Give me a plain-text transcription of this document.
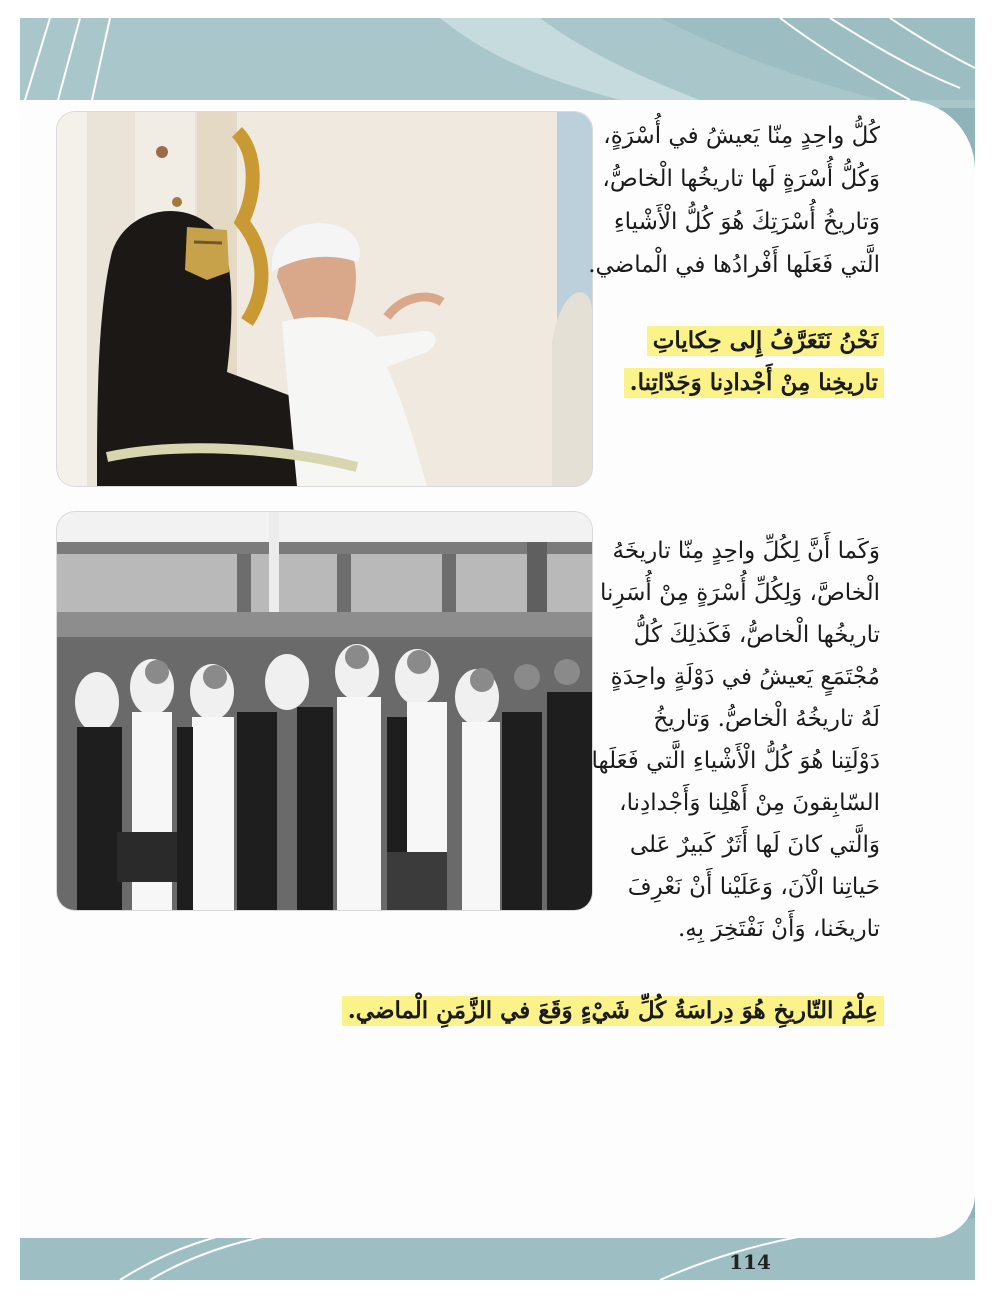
كُلُّ واحِدٍ مِنّا يَعيشُ في أُسْرَةٍ،
وَكُلُّ أُسْرَةٍ لَها تاريخُها الْخاصُّ،
وَتاريخُ أُسْرَتِكَ هُوَ كُلُّ الْأَشْياءِ
الَّتي فَعَلَها أَفْرادُها في الْماضي.
نَحْنُ نَتَعَرَّفُ إِلى حِكاياتِ
تاريخِنا مِنْ أَجْدادِنا وَجَدّاتِنا.
وَكَما أَنَّ لِكُلِّ واحِدٍ مِنّا تاريخَهُ
الْخاصَّ، وَلِكُلِّ أُسْرَةٍ مِنْ أُسَرِنا
تاريخُها الْخاصُّ، فَكَذلِكَ كُلُّ
مُجْتَمَعٍ يَعيشُ في دَوْلَةٍ واحِدَةٍ
لَهُ تاريخُهُ الْخاصُّ. وَتاريخُ
دَوْلَتِنا هُوَ كُلُّ الْأَشْياءِ الَّتي فَعَلَها
السّابِقونَ مِنْ أَهْلِنا وَأَجْدادِنا،
وَالَّتي كانَ لَها أَثَرٌ كَبيرٌ عَلى
حَياتِنا الْآنَ، وَعَلَيْنا أَنْ نَعْرِفَ
تاريخَنا، وَأَنْ نَفْتَخِرَ بِهِ.
عِلْمُ التّاريخِ هُوَ دِراسَةُ كُلِّ شَيْءٍ وَقَعَ في الزَّمَنِ الْماضي.
114
